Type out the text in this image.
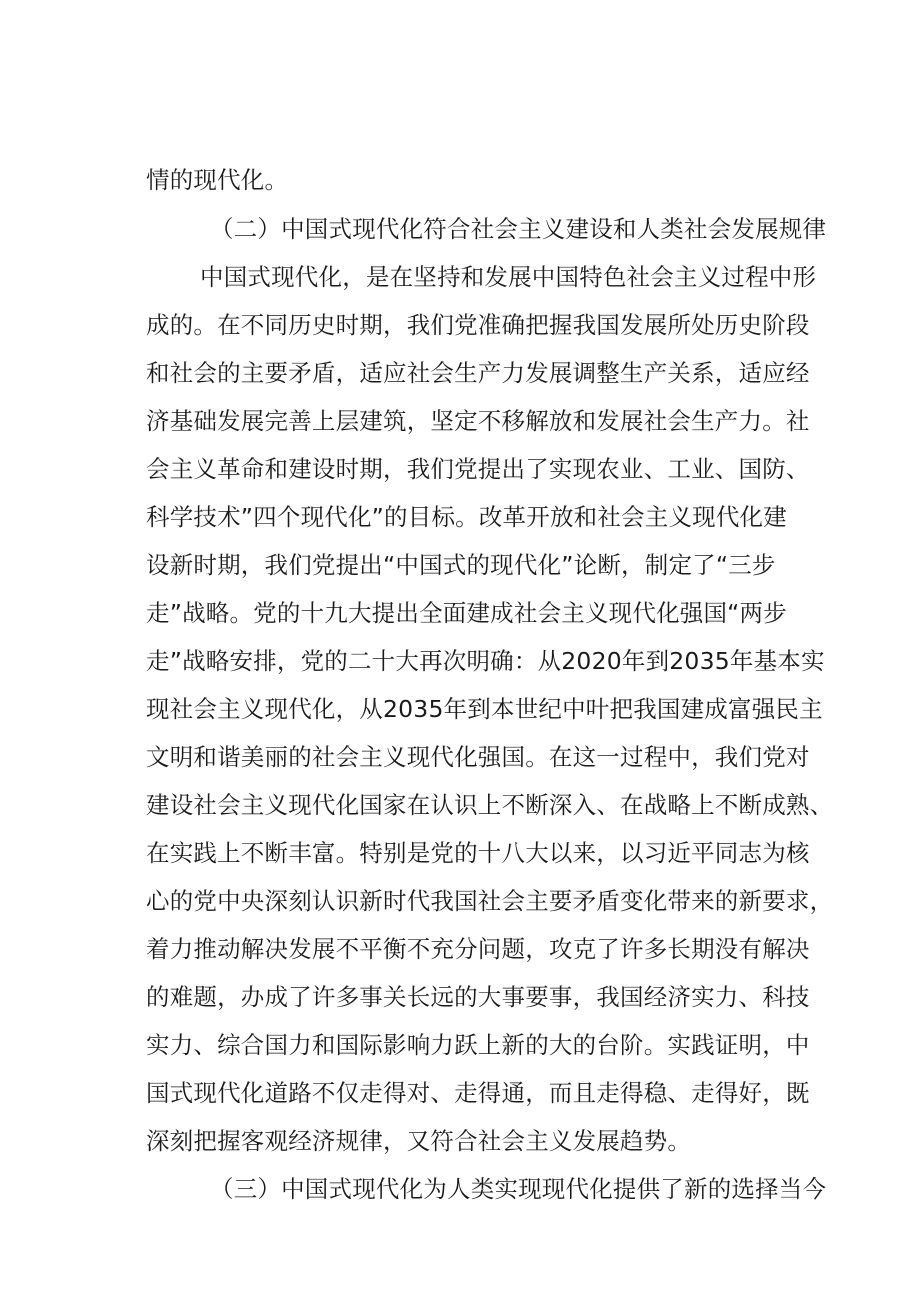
情的现代化。
（二）中国式现代化符合社会主义建设和人类社会发展规律
中国式现代化，是在坚持和发展中国特色社会主义过程中形
成的。在不同历史时期，我们党准确把握我国发展所处历史阶段
和社会的主要矛盾，适应社会生产力发展调整生产关系，适应经
济基础发展完善上层建筑，坚定不移解放和发展社会生产力。社
会主义革命和建设时期，我们党提出了实现农业、工业、国防、
科学技术”四个现代化”的目标。改革开放和社会主义现代化建
设新时期，我们党提出“中国式的现代化”论断，制定了“三步
走”战略。党的十九大提出全面建成社会主义现代化强国“两步
走”战略安排，党的二十大再次明确：从2020年到2035年基本实
现社会主义现代化，从2035年到本世纪中叶把我国建成富强民主
文明和谐美丽的社会主义现代化强国。在这一过程中，我们党对
建设社会主义现代化国家在认识上不断深入、在战略上不断成熟、
在实践上不断丰富。特别是党的十八大以来，以习近平同志为核
心的党中央深刻认识新时代我国社会主要矛盾变化带来的新要求，
着力推动解决发展不平衡不充分问题，攻克了许多长期没有解决
的难题，办成了许多事关长远的大事要事，我国经济实力、科技
实力、综合国力和国际影响力跃上新的大的台阶。实践证明，中
国式现代化道路不仅走得对、走得通，而且走得稳、走得好，既
深刻把握客观经济规律，又符合社会主义发展趋势。
（三）中国式现代化为人类实现现代化提供了新的选择当今
